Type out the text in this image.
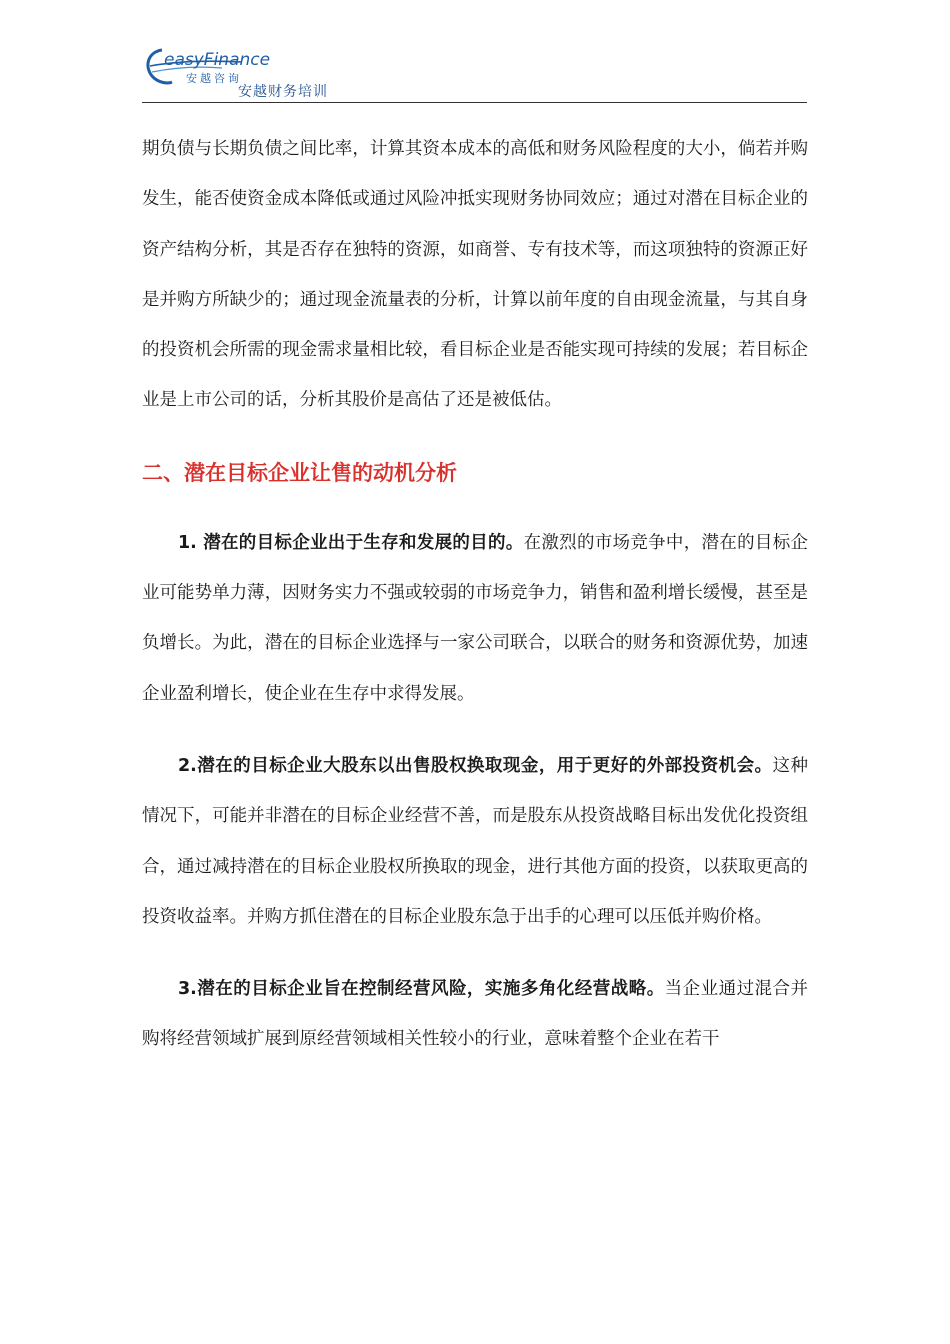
easyFinance
安越咨询
安越财务培训

期负债与长期负债之间比率，计算其资本成本的高低和财务风险程度的大小，倘若并购发生，能否使资金成本降低或通过风险冲抵实现财务协同效应；通过对潜在目标企业的资产结构分析，其是否存在独特的资源，如商誉、专有技术等，而这项独特的资源正好是并购方所缺少的；通过现金流量表的分析，计算以前年度的自由现金流量，与其自身的投资机会所需的现金需求量相比较，看目标企业是否能实现可持续的发展；若目标企业是上市公司的话，分析其股价是高估了还是被低估。

二、潜在目标企业让售的动机分析

1. 潜在的目标企业出于生存和发展的目的。在激烈的市场竞争中，潜在的目标企业可能势单力薄，因财务实力不强或较弱的市场竞争力，销售和盈利增长缓慢，甚至是负增长。为此，潜在的目标企业选择与一家公司联合，以联合的财务和资源优势，加速企业盈利增长，使企业在生存中求得发展。

2.潜在的目标企业大股东以出售股权换取现金，用于更好的外部投资机会。这种情况下，可能并非潜在的目标企业经营不善，而是股东从投资战略目标出发优化投资组合，通过减持潜在的目标企业股权所换取的现金，进行其他方面的投资，以获取更高的投资收益率。并购方抓住潜在的目标企业股东急于出手的心理可以压低并购价格。

3.潜在的目标企业旨在控制经营风险，实施多角化经营战略。当企业通过混合并购将经营领域扩展到原经营领域相关性较小的行业，意味着整个企业在若干
